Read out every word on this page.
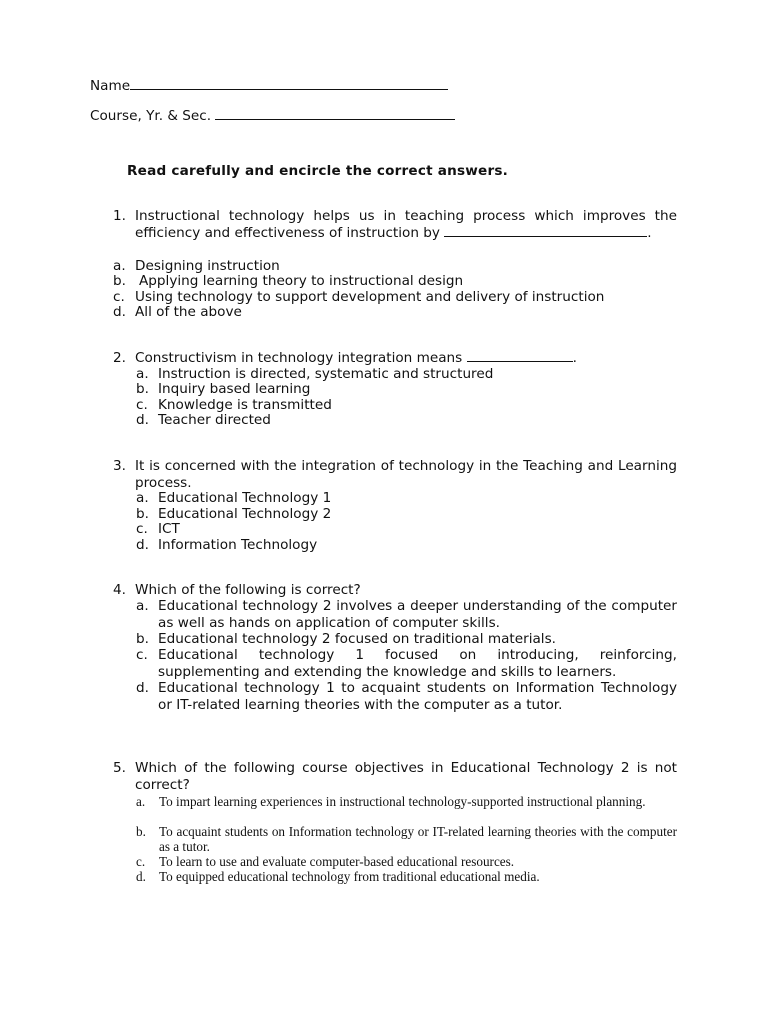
Name
Course, Yr. & Sec.
Read carefully and encircle the correct answers.
1. Instructional technology helps us in teaching process which improves the efficiency and effectiveness of instruction by	.
a. Designing instruction
b. Applying learning theory to instructional design
c. Using technology to support development and delivery of instruction
d. All of the above
2. Constructivism in technology integration means	.
a. Instruction is directed, systematic and structured
b. Inquiry based learning
c. Knowledge is transmitted
d. Teacher directed
3. It is concerned with the integration of technology in the Teaching and Learning process.
a. Educational Technology 1
b. Educational Technology 2
c. ICT
d. Information Technology
4. Which of the following is correct?
a. Educational technology 2 involves a deeper understanding of the computer as well as hands on application of computer skills.
b. Educational technology 2 focused on traditional materials.
c. Educational technology 1 focused on introducing, reinforcing, supplementing and extending the knowledge and skills to learners.
d. Educational technology 1 to acquaint students on Information Technology or IT-related learning theories with the computer as a tutor.
5. Which of the following course objectives in Educational Technology 2 is not correct?
a. To impart learning experiences in instructional technology-supported instructional planning.
b. To acquaint students on Information technology or IT-related learning theories with the computer as a tutor.
c. To learn to use and evaluate computer-based educational resources.
d. To equipped educational technology from traditional educational media.
